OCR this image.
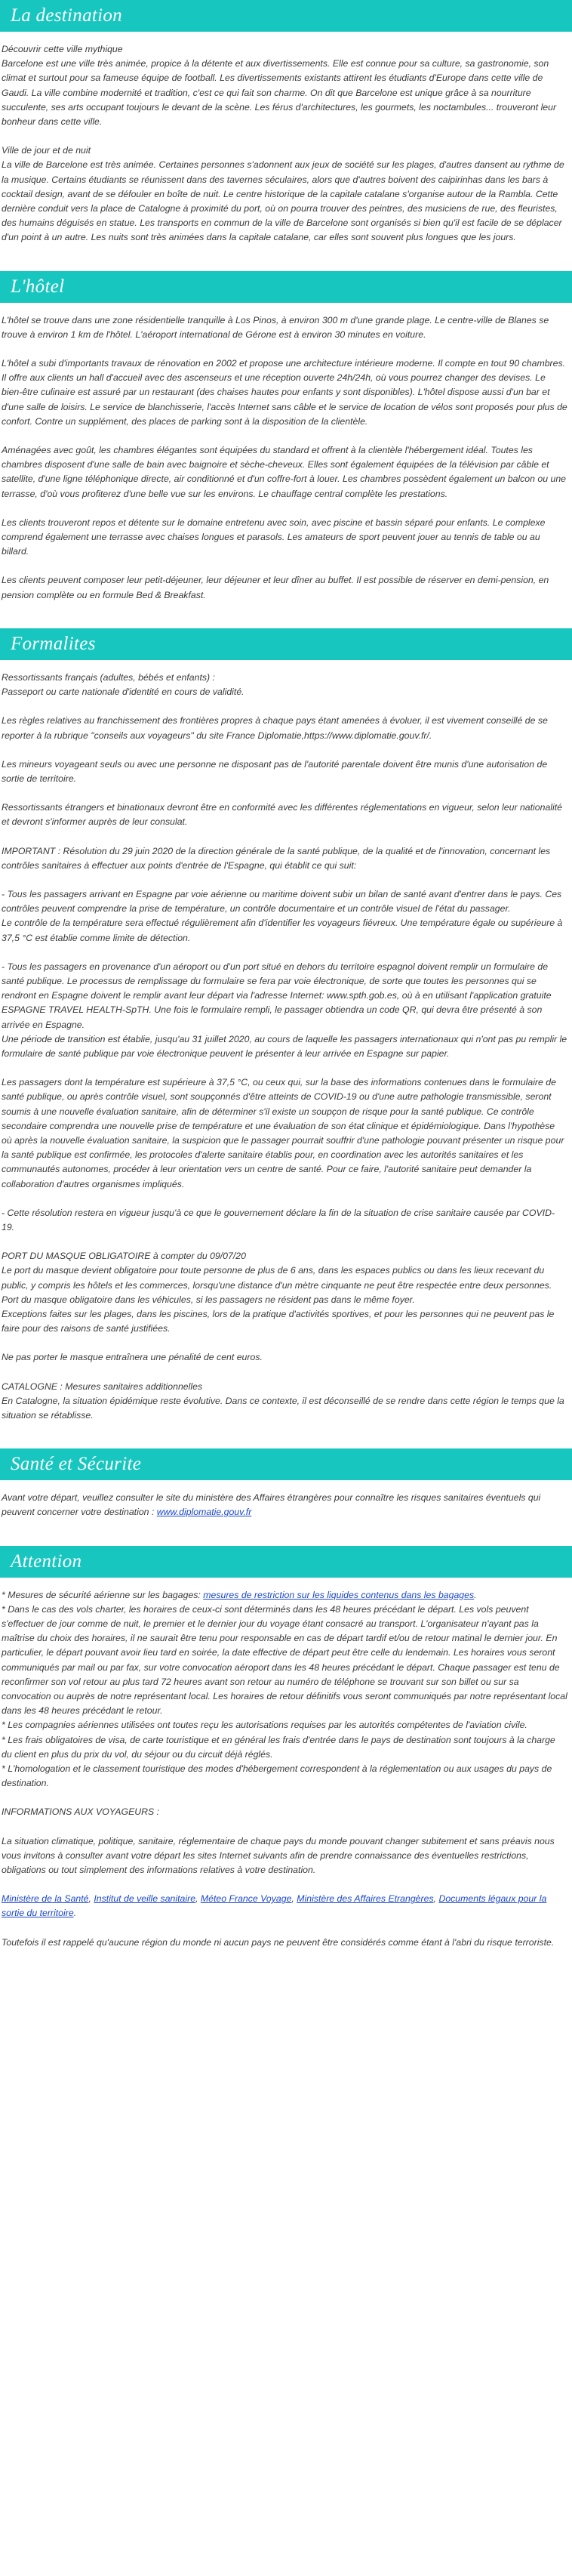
La destination

Découvrir cette ville mythique
Barcelone est une ville très animée, propice à la détente et aux divertissements. Elle est connue pour sa culture, sa gastronomie, son climat et surtout pour sa fameuse équipe de football. Les divertissements existants attirent les étudiants d'Europe dans cette ville de Gaudi. La ville combine modernité et tradition, c'est ce qui fait son charme. On dit que Barcelone est unique grâce à sa nourriture succulente, ses arts occupant toujours le devant de la scène. Les férus d'architectures, les gourmets, les noctambules... trouveront leur bonheur dans cette ville.

Ville de jour et de nuit
La ville de Barcelone est très animée. Certaines personnes s'adonnent aux jeux de société sur les plages, d'autres dansent au rythme de la musique. Certains étudiants se réunissent dans des tavernes séculaires, alors que d'autres boivent des caipirinhas dans les bars à cocktail design, avant de se défouler en boîte de nuit. Le centre historique de la capitale catalane s'organise autour de la Rambla. Cette dernière conduit vers la place de Catalogne à proximité du port, où on pourra trouver des peintres, des musiciens de rue, des fleuristes, des humains déguisés en statue. Les transports en commun de la ville de Barcelone sont organisés si bien qu'il est facile de se déplacer d'un point à un autre. Les nuits sont très animées dans la capitale catalane, car elles sont souvent plus longues que les jours.

L'hôtel

L'hôtel se trouve dans une zone résidentielle tranquille à Los Pinos, à environ 300 m d'une grande plage. Le centre-ville de Blanes se trouve à environ 1 km de l'hôtel. L'aéroport international de Gérone est à environ 30 minutes en voiture.

L'hôtel a subi d'importants travaux de rénovation en 2002 et propose une architecture intérieure moderne. Il compte en tout 90 chambres. Il offre aux clients un hall d'accueil avec des ascenseurs et une réception ouverte 24h/24h, où vous pourrez changer des devises. Le bien-être culinaire est assuré par un restaurant (des chaises hautes pour enfants y sont disponibles). L'hôtel dispose aussi d'un bar et d'une salle de loisirs. Le service de blanchisserie, l'accès Internet sans câble et le service de location de vélos sont proposés pour plus de confort. Contre un supplément, des places de parking sont à la disposition de la clientèle.

Aménagées avec goût, les chambres élégantes sont équipées du standard et offrent à la clientèle l'hébergement idéal. Toutes les chambres disposent d'une salle de bain avec baignoire et sèche-cheveux. Elles sont également équipées de la télévision par câble et satellite, d'une ligne téléphonique directe, air conditionné et d'un coffre-fort à louer. Les chambres possèdent également un balcon ou une terrasse, d'où vous profiterez d'une belle vue sur les environs. Le chauffage central complète les prestations.

Les clients trouveront repos et détente sur le domaine entretenu avec soin, avec piscine et bassin séparé pour enfants. Le complexe comprend également une terrasse avec chaises longues et parasols. Les amateurs de sport peuvent jouer au tennis de table ou au billard.

Les clients peuvent composer leur petit-déjeuner, leur déjeuner et leur dîner au buffet. Il est possible de réserver en demi-pension, en pension complète ou en formule Bed & Breakfast.

Formalites

Ressortissants français (adultes, bébés et enfants) :
Passeport ou carte nationale d'identité en cours de validité.

Les règles relatives au franchissement des frontières propres à chaque pays étant amenées à évoluer, il est vivement conseillé de se reporter à la rubrique "conseils aux voyageurs" du site France Diplomatie,https://www.diplomatie.gouv.fr/.

Les mineurs voyageant seuls ou avec une personne ne disposant pas de l'autorité parentale doivent être munis d'une autorisation de sortie de territoire.

Ressortissants étrangers et binationaux devront être en conformité avec les différentes réglementations en vigueur, selon leur nationalité et devront s'informer auprès de leur consulat.

IMPORTANT : Résolution du 29 juin 2020 de la direction générale de la santé publique, de la qualité et de l'innovation, concernant les contrôles sanitaires à effectuer aux points d'entrée de l'Espagne, qui établit ce qui suit:

- Tous les passagers arrivant en Espagne par voie aérienne ou maritime doivent subir un bilan de santé avant d'entrer dans le pays. Ces contrôles peuvent comprendre la prise de température, un contrôle documentaire et un contrôle visuel de l'état du passager.
Le contrôle de la température sera effectué régulièrement afin d'identifier les voyageurs fiévreux. Une température égale ou supérieure à 37,5 °C est établie comme limite de détection.

- Tous les passagers en provenance d'un aéroport ou d'un port situé en dehors du territoire espagnol doivent remplir un formulaire de santé publique. Le processus de remplissage du formulaire se fera par voie électronique, de sorte que toutes les personnes qui se rendront en Espagne doivent le remplir avant leur départ via l'adresse Internet: www.spth.gob.es, où à en utilisant l'application gratuite ESPAGNE TRAVEL HEALTH-SpTH. Une fois le formulaire rempli, le passager obtiendra un code QR, qui devra être présenté à son arrivée en Espagne.
Une période de transition est établie, jusqu'au 31 juillet 2020, au cours de laquelle les passagers internationaux qui n'ont pas pu remplir le formulaire de santé publique par voie électronique peuvent le présenter à leur arrivée en Espagne sur papier.

Les passagers dont la température est supérieure à 37,5 °C, ou ceux qui, sur la base des informations contenues dans le formulaire de santé publique, ou après contrôle visuel, sont soupçonnés d'être atteints de COVID-19 ou d'une autre pathologie transmissible, seront soumis à une nouvelle évaluation sanitaire, afin de déterminer s'il existe un soupçon de risque pour la santé publique. Ce contrôle secondaire comprendra une nouvelle prise de température et une évaluation de son état clinique et épidémiologique. Dans l'hypothèse où après la nouvelle évaluation sanitaire, la suspicion que le passager pourrait souffrir d'une pathologie pouvant présenter un risque pour la santé publique est confirmée, les protocoles d'alerte sanitaire établis pour, en coordination avec les autorités sanitaires et les communautés autonomes, procéder à leur orientation vers un centre de santé. Pour ce faire, l'autorité sanitaire peut demander la collaboration d'autres organismes impliqués.

- Cette résolution restera en vigueur jusqu'à ce que le gouvernement déclare la fin de la situation de crise sanitaire causée par COVID-19.

PORT DU MASQUE OBLIGATOIRE à compter du 09/07/20
Le port du masque devient obligatoire pour toute personne de plus de 6 ans, dans les espaces publics ou dans les lieux recevant du public, y compris les hôtels et les commerces, lorsqu'une distance d'un mètre cinquante ne peut être respectée entre deux personnes.
Port du masque obligatoire dans les véhicules, si les passagers ne résident pas dans le même foyer.
Exceptions faites sur les plages, dans les piscines, lors de la pratique d'activités sportives, et pour les personnes qui ne peuvent pas le faire pour des raisons de santé justifiées.

Ne pas porter le masque entraînera une pénalité de cent euros.

CATALOGNE : Mesures sanitaires additionnelles
En Catalogne, la situation épidémique reste évolutive. Dans ce contexte, il est déconseillé de se rendre dans cette région le temps que la situation se rétablisse.

Santé et Sécurite

Avant votre départ, veuillez consulter le site du ministère des Affaires étrangères pour connaître les risques sanitaires éventuels qui peuvent concerner votre destination : www.diplomatie.gouv.fr

Attention

* Mesures de sécurité aérienne sur les bagages: mesures de restriction sur les liquides contenus dans les bagages.

* Dans le cas des vols charter, les horaires de ceux-ci sont déterminés dans les 48 heures précédant le départ. Les vols peuvent s'effectuer de jour comme de nuit, le premier et le dernier jour du voyage étant consacré au transport. L'organisateur n'ayant pas la maîtrise du choix des horaires, il ne saurait être tenu pour responsable en cas de départ tardif et/ou de retour matinal le dernier jour. En particulier, le départ pouvant avoir lieu tard en soirée, la date effective de départ peut être celle du lendemain. Les horaires vous seront communiqués par mail ou par fax, sur votre convocation aéroport dans les 48 heures précédant le départ. Chaque passager est tenu de reconfirmer son vol retour au plus tard 72 heures avant son retour au numéro de téléphone se trouvant sur son billet ou sur sa convocation ou auprès de notre représentant local. Les horaires de retour définitifs vous seront communiqués par notre représentant local dans les 48 heures précédant le retour.
* Les compagnies aériennes utilisées ont toutes reçu les autorisations requises par les autorités compétentes de l'aviation civile.
* Les frais obligatoires de visa, de carte touristique et en général les frais d'entrée dans le pays de destination sont toujours à la charge du client en plus du prix du vol, du séjour ou du circuit déjà réglés.
* L'homologation et le classement touristique des modes d'hébergement correspondent à la réglementation ou aux usages du pays de destination.

INFORMATIONS AUX VOYAGEURS :

La situation climatique, politique, sanitaire, réglementaire de chaque pays du monde pouvant changer subitement et sans préavis nous vous invitons à consulter avant votre départ les sites Internet suivants afin de prendre connaissance des éventuelles restrictions, obligations ou tout simplement des informations relatives à votre destination.

Ministère de la Santé, Institut de veille sanitaire, Méteo France Voyage, Ministère des Affaires Etrangères, Documents légaux pour la sortie du territoire.

Toutefois il est rappelé qu'aucune région du monde ni aucun pays ne peuvent être considérés comme étant à l'abri du risque terroriste.
